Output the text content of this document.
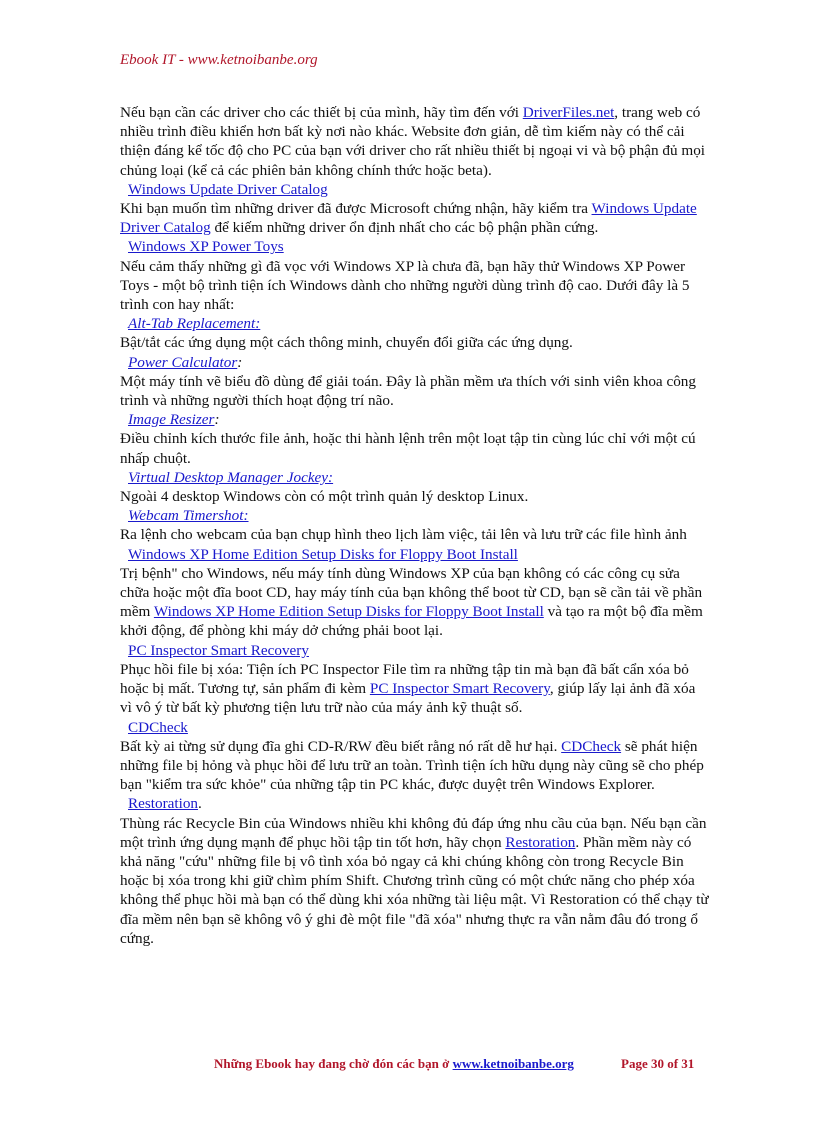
Ebook IT - www.ketnoibanbe.org

Nếu bạn cần các driver cho các thiết bị của mình, hãy tìm đến với DriverFiles.net, trang web có nhiều trình điều khiển hơn bất kỳ nơi nào khác. Website đơn giản, dễ tìm kiếm này có thể cải thiện đáng kể tốc độ cho PC của bạn với driver cho rất nhiều thiết bị ngoại vi và bộ phận đủ mọi chủng loại (kể cả các phiên bản không chính thức hoặc beta).

Windows Update Driver Catalog

Khi bạn muốn tìm những driver đã được Microsoft chứng nhận, hãy kiểm tra Windows Update Driver Catalog để kiếm những driver ổn định nhất cho các bộ phận phần cứng.

Windows XP Power Toys

Nếu cảm thấy những gì đã vọc với Windows XP là chưa đã, bạn hãy thử Windows XP Power Toys - một bộ trình tiện ích Windows dành cho những người dùng trình độ cao. Dưới đây là 5 trình con hay nhất:

Alt-Tab Replacement:

Bật/tắt các ứng dụng một cách thông minh, chuyển đổi giữa các ứng dụng.

Power Calculator:

Một máy tính vẽ biểu đồ dùng để giải toán. Đây là phần mềm ưa thích với sinh viên khoa công trình và những người thích hoạt động trí não.

Image Resizer:

Điều chỉnh kích thước file ảnh, hoặc thi hành lệnh trên một loạt tập tin cùng lúc chỉ với một cú nhấp chuột.

Virtual Desktop Manager Jockey:

Ngoài 4 desktop Windows còn có một trình quản lý desktop Linux.

Webcam Timershot:

Ra lệnh cho webcam của bạn chụp hình theo lịch làm việc, tải lên và lưu trữ các file hình ảnh

Windows XP Home Edition Setup Disks for Floppy Boot Install

Trị bệnh" cho Windows, nếu máy tính dùng Windows XP của bạn không có các công cụ sửa chữa hoặc một đĩa boot CD, hay máy tính của bạn không thể boot từ CD, bạn sẽ cần tải về phần mềm Windows XP Home Edition Setup Disks for Floppy Boot Install và tạo ra một bộ đĩa mềm khởi động, để phòng khi máy dở chứng phải boot lại.

PC Inspector Smart Recovery

Phục hồi file bị xóa: Tiện ích PC Inspector File tìm ra những tập tin mà bạn đã bất cẩn xóa bỏ hoặc bị mất. Tương tự, sản phẩm đi kèm PC Inspector Smart Recovery, giúp lấy lại ảnh đã xóa vì vô ý từ bất kỳ phương tiện lưu trữ nào của máy ảnh kỹ thuật số.

CDCheck

Bất kỳ ai từng sử dụng đĩa ghi CD-R/RW đều biết rằng nó rất dễ hư hại. CDCheck sẽ phát hiện những file bị hỏng và phục hồi để lưu trữ an toàn. Trình tiện ích hữu dụng này cũng sẽ cho phép bạn "kiểm tra sức khỏe" của những tập tin PC khác, được duyệt trên Windows Explorer.

Restoration.

Thùng rác Recycle Bin của Windows nhiều khi không đủ đáp ứng nhu cầu của bạn. Nếu bạn cần một trình ứng dụng mạnh để phục hồi tập tin tốt hơn, hãy chọn Restoration. Phần mềm này có khả năng "cứu" những file bị vô tình xóa bỏ ngay cả khi chúng không còn trong Recycle Bin hoặc bị xóa trong khi giữ chìm phím Shift. Chương trình cũng có một chức năng cho phép xóa không thể phục hồi mà bạn có thể dùng khi xóa những tài liệu mật. Vì Restoration có thể chạy từ đĩa mềm nên bạn sẽ không vô ý ghi đè một file "đã xóa" nhưng thực ra vẫn nằm đâu đó trong ổ cứng.

Những Ebook hay đang chờ đón các bạn ở www.ketnoibanbe.org	Page 30 of 31
